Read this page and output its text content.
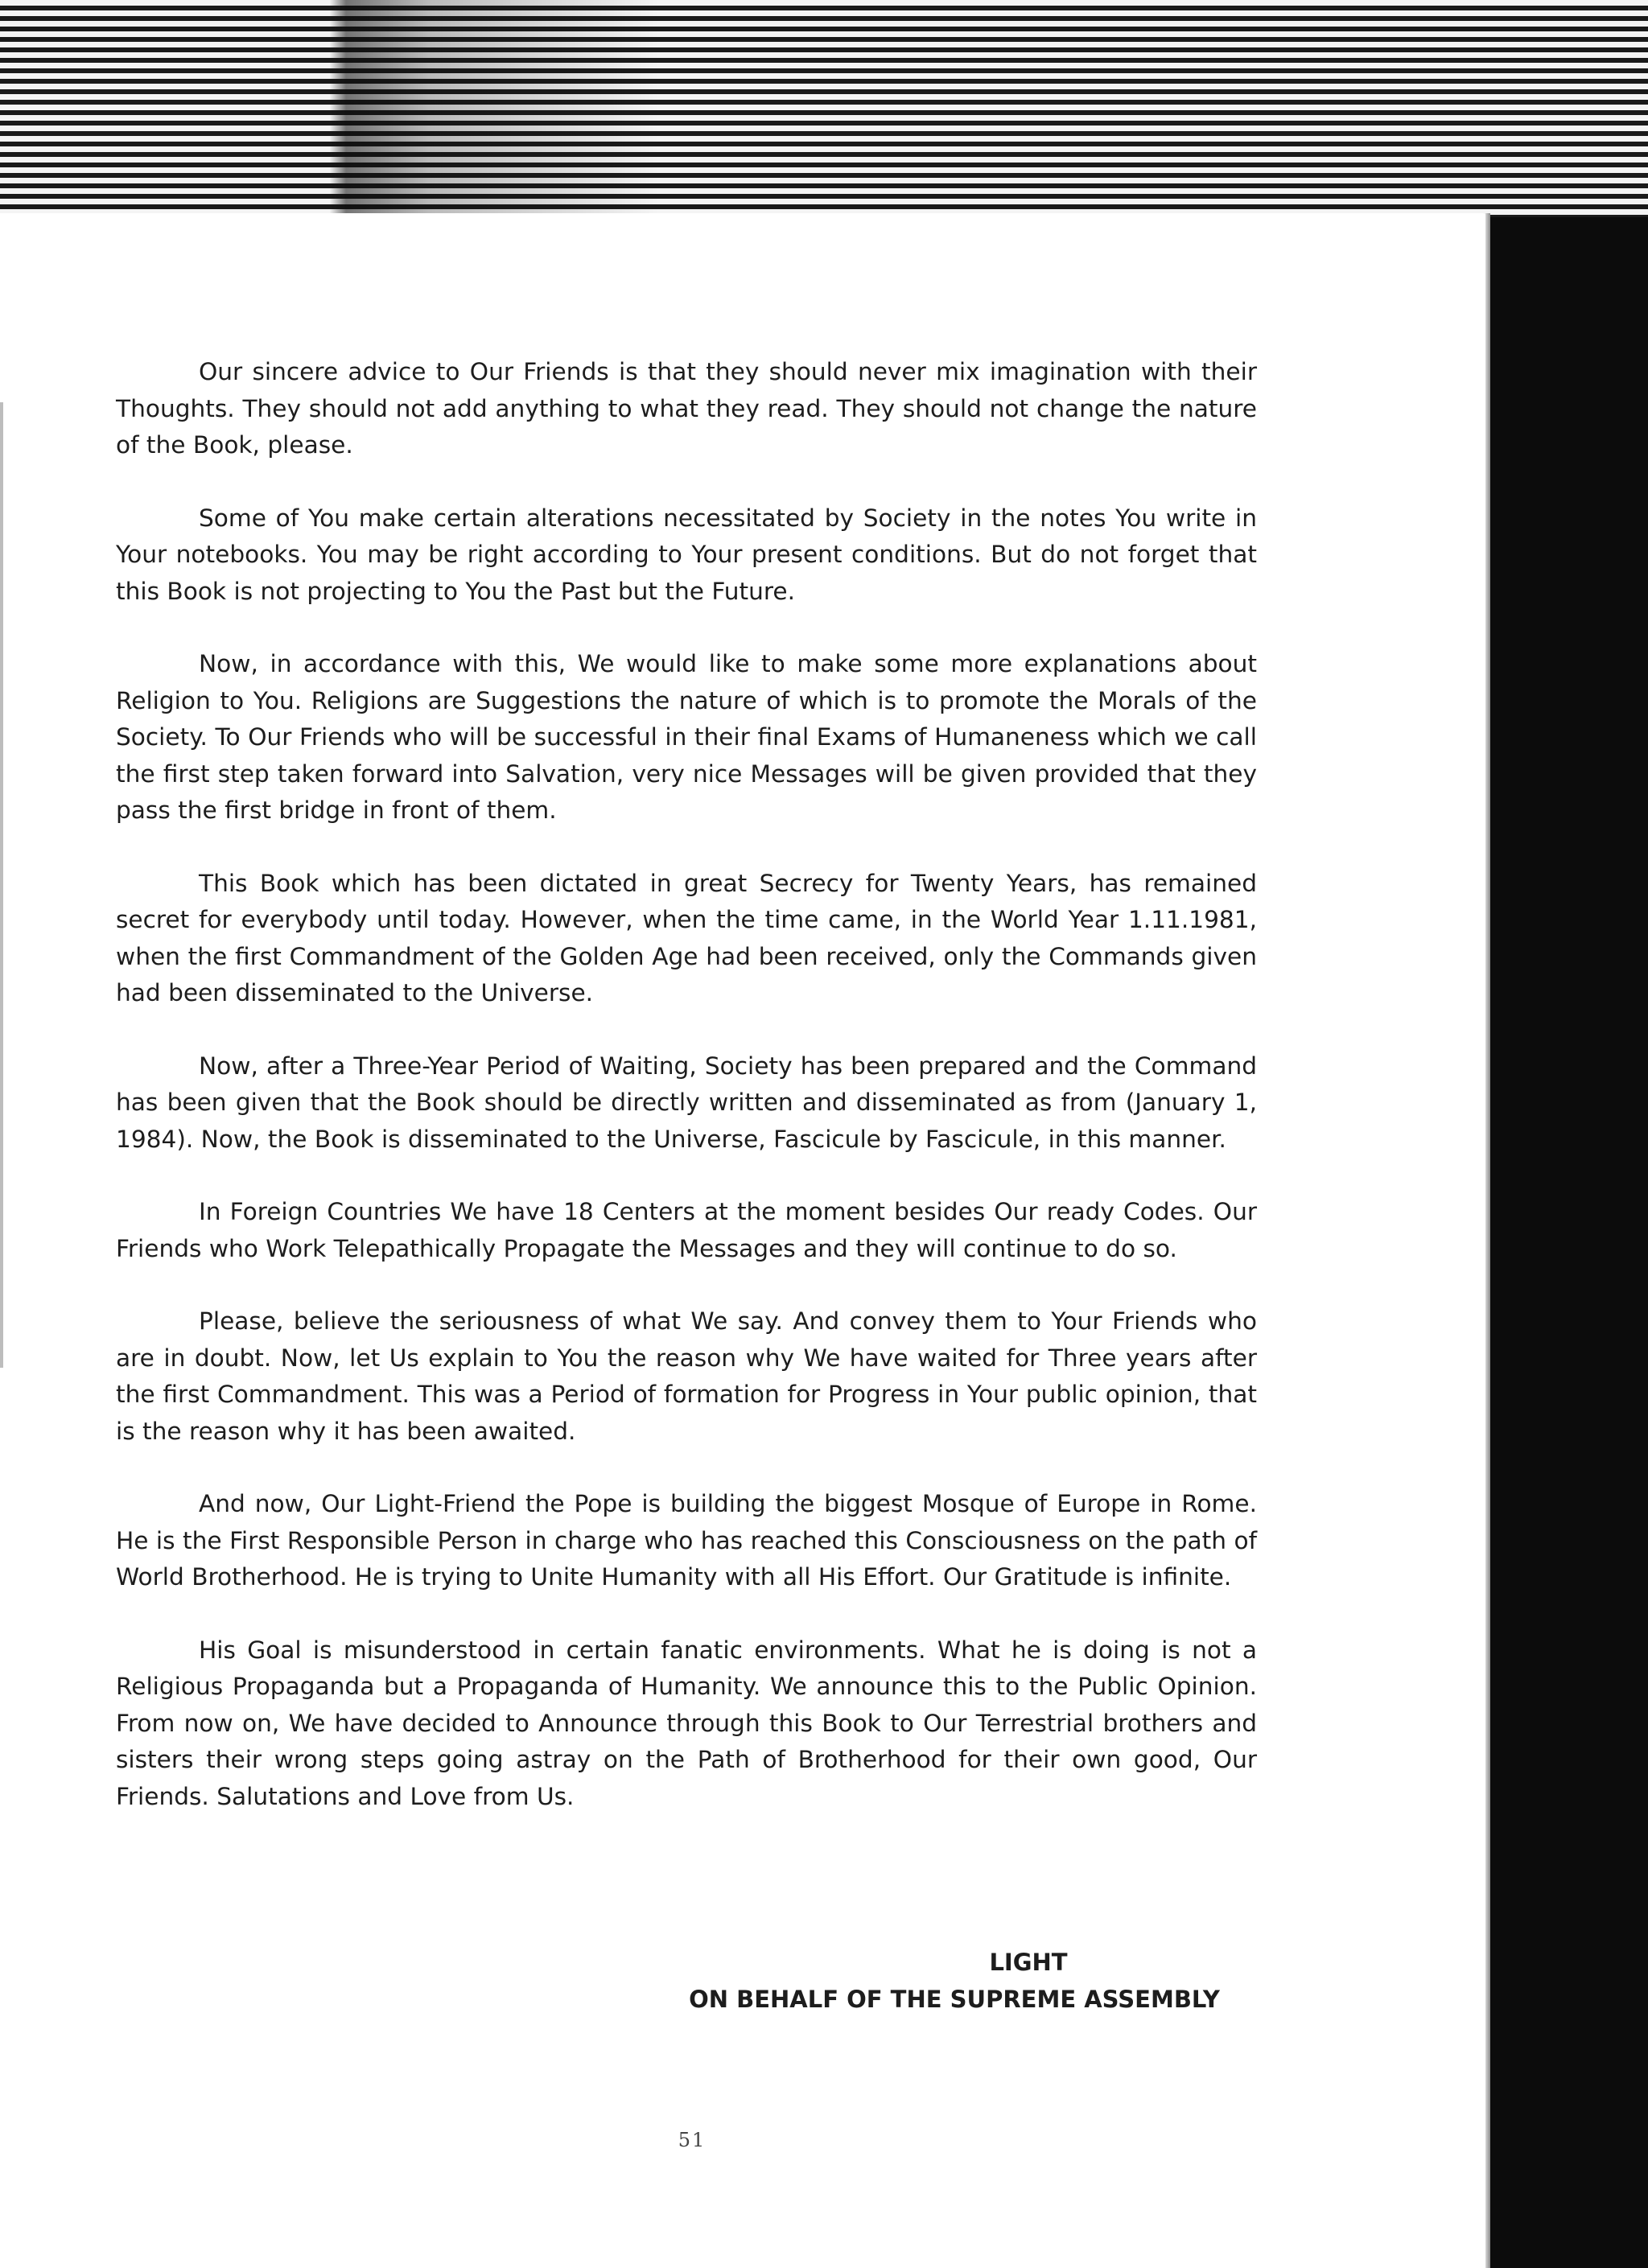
Our sincere advice to Our Friends is that they should never mix imagination with their Thoughts. They should not add anything to what they read. They should not change the nature of the Book, please.

Some of You make certain alterations necessitated by Society in the notes You write in Your notebooks. You may be right according to Your present conditions. But do not forget that this Book is not projecting to You the Past but the Future.

Now, in accordance with this, We would like to make some more explanations about Religion to You. Religions are Suggestions the nature of which is to promote the Morals of the Society. To Our Friends who will be successful in their final Exams of Humaneness which we call the first step taken forward into Salvation, very nice Messages will be given provided that they pass the first bridge in front of them.

This Book which has been dictated in great Secrecy for Twenty Years, has remained secret for everybody until today. However, when the time came, in the World Year 1.11.1981, when the first Commandment of the Golden Age had been received, only the Commands given had been disseminated to the Universe.

Now, after a Three-Year Period of Waiting, Society has been prepared and the Command has been given that the Book should be directly written and disseminated as from (January 1, 1984). Now, the Book is disseminated to the Universe, Fascicule by Fascicule, in this manner.

In Foreign Countries We have 18 Centers at the moment besides Our ready Codes. Our Friends who Work Telepathically Propagate the Messages and they will continue to do so.

Please, believe the seriousness of what We say. And convey them to Your Friends who are in doubt. Now, let Us explain to You the reason why We have waited for Three years after the first Commandment. This was a Period of formation for Progress in Your public opinion, that is the reason why it has been awaited.

And now, Our Light-Friend the Pope is building the biggest Mosque of Europe in Rome. He is the First Responsible Person in charge who has reached this Consciousness on the path of World Brotherhood. He is trying to Unite Humanity with all His Effort. Our Gratitude is infinite.

His Goal is misunderstood in certain fanatic environments. What he is doing is not a Religious Propaganda but a Propaganda of Humanity. We announce this to the Public Opinion. From now on, We have decided to Announce through this Book to Our Terrestrial brothers and sisters their wrong steps going astray on the Path of Brotherhood for their own good, Our Friends. Salutations and Love from Us.

LIGHT
ON BEHALF OF THE SUPREME ASSEMBLY
51
